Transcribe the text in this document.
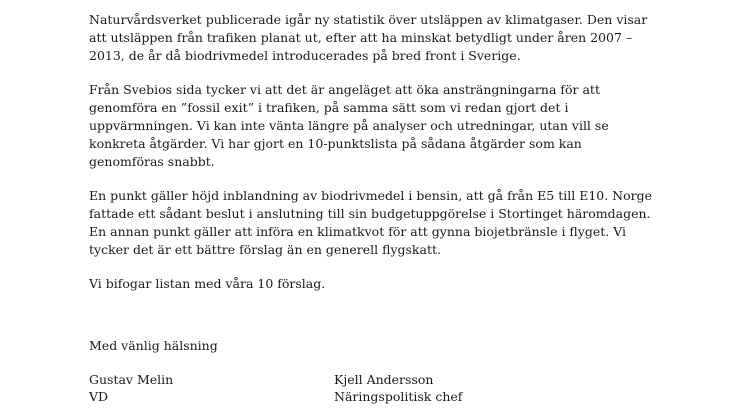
Naturvårdsverket publicerade igår ny statistik över utsläppen av klimatgaser. Den visar
att utsläppen från trafiken planat ut, efter att ha minskat betydligt under åren 2007 –
2013, de år då biodrivmedel introducerades på bred front i Sverige.

Från Svebios sida tycker vi att det är angeläget att öka ansträngningarna för att
genomföra en ”fossil exit” i trafiken, på samma sätt som vi redan gjort det i
uppvärmningen. Vi kan inte vänta längre på analyser och utredningar, utan vill se
konkreta åtgärder. Vi har gjort en 10-punktslista på sådana åtgärder som kan
genomföras snabbt.

En punkt gäller höjd inblandning av biodrivmedel i bensin, att gå från E5 till E10. Norge
fattade ett sådant beslut i anslutning till sin budgetuppgörelse i Stortinget häromdagen.
En annan punkt gäller att införa en klimatkvot för att gynna biojetbränsle i flyget. Vi
tycker det är ett bättre förslag än en generell flygskatt.

Vi bifogar listan med våra 10 förslag.

Med vänlig hälsning

Gustav Melin
VD
Kjell Andersson
Näringspolitisk chef
